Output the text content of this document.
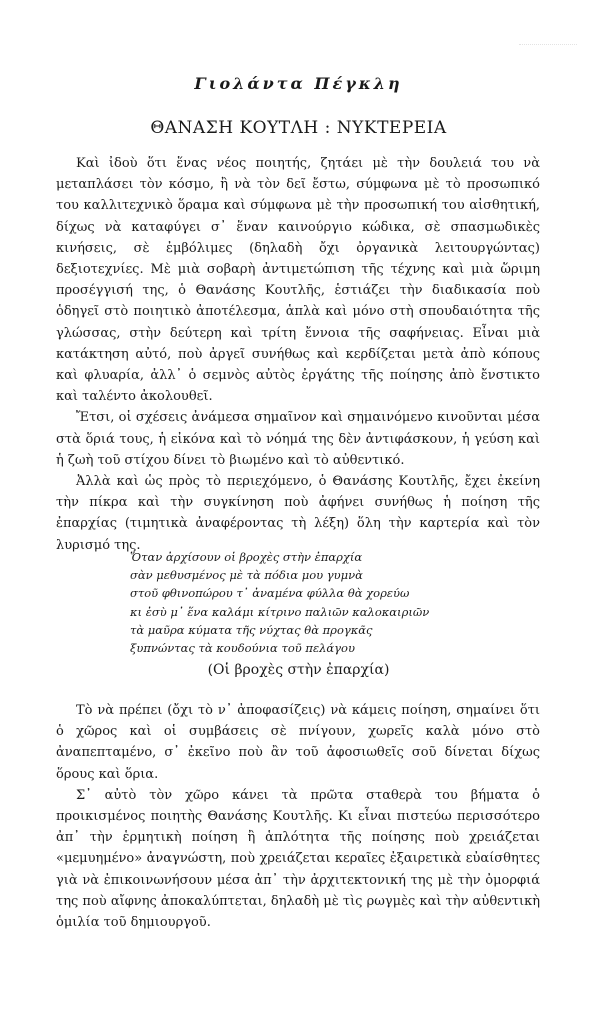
Γιολάντα Πέγκλη
ΘΑΝΑΣΗ ΚΟΥΤΛΗ : ΝΥΚΤΕΡΕΙΑ

Καὶ ἰδοὺ ὅτι ἕνας νέος ποιητής, ζητάει μὲ τὴν δουλειά του νὰ μεταπλάσει τὸν κόσμο, ἢ νὰ τὸν δεῖ ἔστω, σύμφωνα μὲ τὸ προσωπικό του καλλιτεχνικὸ ὅραμα καὶ σύμφωνα μὲ τὴν προσωπική του αἰσθητική, δίχως νὰ καταφύγει σ᾽ ἕναν καινούργιο κώδικα, σὲ σπασμωδικὲς κινήσεις, σὲ ἐμβόλιμες (δηλαδὴ ὄχι ὀργανικὰ λειτουργώντας) δεξιοτεχνίες. Μὲ μιὰ σοβαρὴ ἀντιμετώπιση τῆς τέχνης καὶ μιὰ ὥριμη προσέγγισή της, ὁ Θανάσης Κουτλῆς, ἑστιάζει τὴν διαδικασία ποὺ ὁδηγεῖ στὸ ποιητικὸ ἀποτέλεσμα, ἁπλὰ καὶ μόνο στὴ σπουδαιότητα τῆς γλώσσας, στὴν δεύτερη καὶ τρίτη ἔννοια τῆς σαφήνειας. Εἶναι μιὰ κατάκτηση αὐτό, ποὺ ἀργεῖ συνήθως καὶ κερδίζεται μετὰ ἀπὸ κόπους καὶ φλυαρία, ἀλλ᾽ ὁ σεμνὸς αὐτὸς ἐργάτης τῆς ποίησης ἀπὸ ἔνστικτο καὶ ταλέντο ἀκολουθεῖ.

Ἔτσι, οἱ σχέσεις ἀνάμεσα σημαῖνον καὶ σημαινόμενο κινοῦνται μέσα στὰ ὅριά τους, ἡ εἰκόνα καὶ τὸ νόημά της δὲν ἀντιφάσκουν, ἡ γεύση καὶ ἡ ζωὴ τοῦ στίχου δίνει τὸ βιωμένο καὶ τὸ αὐθεντικό.

Ἀλλὰ καὶ ὡς πρὸς τὸ περιεχόμενο, ὁ Θανάσης Κουτλῆς, ἔχει ἐκείνη τὴν πίκρα καὶ τὴν συγκίνηση ποὺ ἀφήνει συνήθως ἡ ποίηση τῆς ἐπαρχίας (τιμητικὰ ἀναφέροντας τὴ λέξη) ὅλη τὴν καρτερία καὶ τὸν λυρισμό της.

Ὅταν ἀρχίσουν οἱ βροχὲς στὴν ἐπαρχία
σὰν μεθυσμένος μὲ τὰ πόδια μου γυμνὰ
στοῦ φθινοπώρου τ᾽ ἀναμένα φύλλα θὰ χορεύω
κι ἐσὺ μ᾽ ἕνα καλάμι κίτρινο παλιῶν καλοκαιριῶν
τὰ μαῦρα κύματα τῆς νύχτας θὰ προγκᾶς
ξυπνώντας τὰ κουδούνια τοῦ πελάγου
(Οἱ βροχὲς στὴν ἐπαρχία)

Τὸ νὰ πρέπει (ὄχι τὸ ν᾽ ἀποφασίζεις) νὰ κάμεις ποίηση, σημαίνει ὅτι ὁ χῶρος καὶ οἱ συμβάσεις σὲ πνίγουν, χωρεῖς καλὰ μόνο στὸ ἀναπεπταμένο, σ᾽ ἐκεῖνο ποὺ ἂν τοῦ ἀφοσιωθεῖς σοῦ δίνεται δίχως ὅρους καὶ ὅρια.

Σ᾽ αὐτὸ τὸν χῶρο κάνει τὰ πρῶτα σταθερὰ του βήματα ὁ προικισμένος ποιητὴς Θανάσης Κουτλῆς. Κι εἶναι πιστεύω περισσότερο ἀπ᾽ τὴν ἑρμητικὴ ποίηση ἢ ἁπλότητα τῆς ποίησης ποὺ χρειάζεται «μεμυημένο» ἀναγνώστη, ποὺ χρειάζεται κεραῖες ἐξαιρετικὰ εὐαίσθητες γιὰ νὰ ἐπικοινωνήσουν μέσα ἀπ᾽ τὴν ἀρχιτεκτονική της μὲ τὴν ὀμορφιά της ποὺ αἴφνης ἀποκαλύπτεται, δηλαδὴ μὲ τὶς ρωγμὲς καὶ τὴν αὐθεντικὴ ὁμιλία τοῦ δημιουργοῦ.
